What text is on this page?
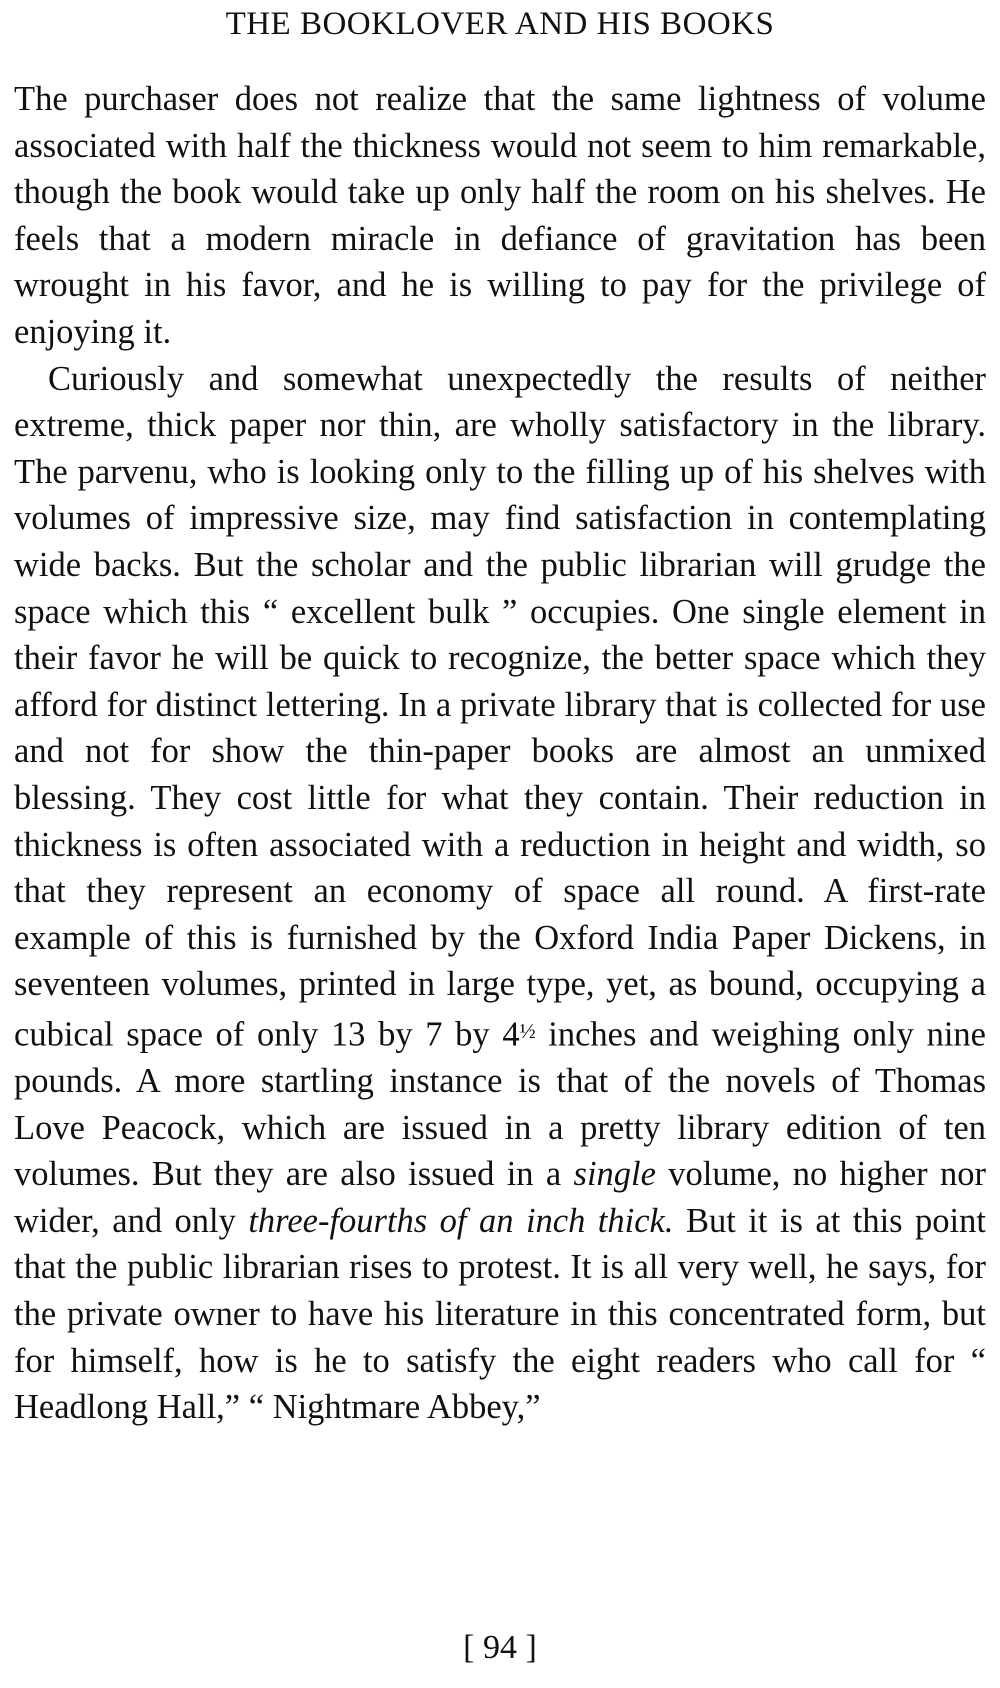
THE BOOKLOVER AND HIS BOOKS

The purchaser does not realize that the same lightness of volume associated with half the thickness would not seem to him remarkable, though the book would take up only half the room on his shelves. He feels that a modern miracle in defiance of gravitation has been wrought in his favor, and he is willing to pay for the privilege of enjoying it.

Curiously and somewhat unexpectedly the results of neither extreme, thick paper nor thin, are wholly satisfactory in the library. The parvenu, who is looking only to the filling up of his shelves with volumes of impressive size, may find satisfaction in contemplating wide backs. But the scholar and the public librarian will grudge the space which this “ excellent bulk ” occupies. One single element in their favor he will be quick to recognize, the better space which they afford for distinct lettering. In a private library that is collected for use and not for show the thin-paper books are almost an unmixed blessing. They cost little for what they contain. Their reduction in thickness is often associated with a reduction in height and width, so that they represent an economy of space all round. A first-rate example of this is furnished by the Oxford India Paper Dickens, in seventeen volumes, printed in large type, yet, as bound, occupying a cubical space of only 13 by 7 by $4^{\frac{1}{2}}$ inches and weighing only nine pounds. A more startling instance is that of the novels of Thomas Love Peacock, which are issued in a pretty library edition of ten volumes. But they are also issued in a single volume, no higher nor wider, and only three-fourths of an inch thick. But it is at this point that the public librarian rises to protest. It is all very well, he says, for the private owner to have his literature in this concentrated form, but for himself, how is he to satisfy the eight readers who call for “ Headlong Hall,” “ Nightmare Abbey,”

[ 94 ]
